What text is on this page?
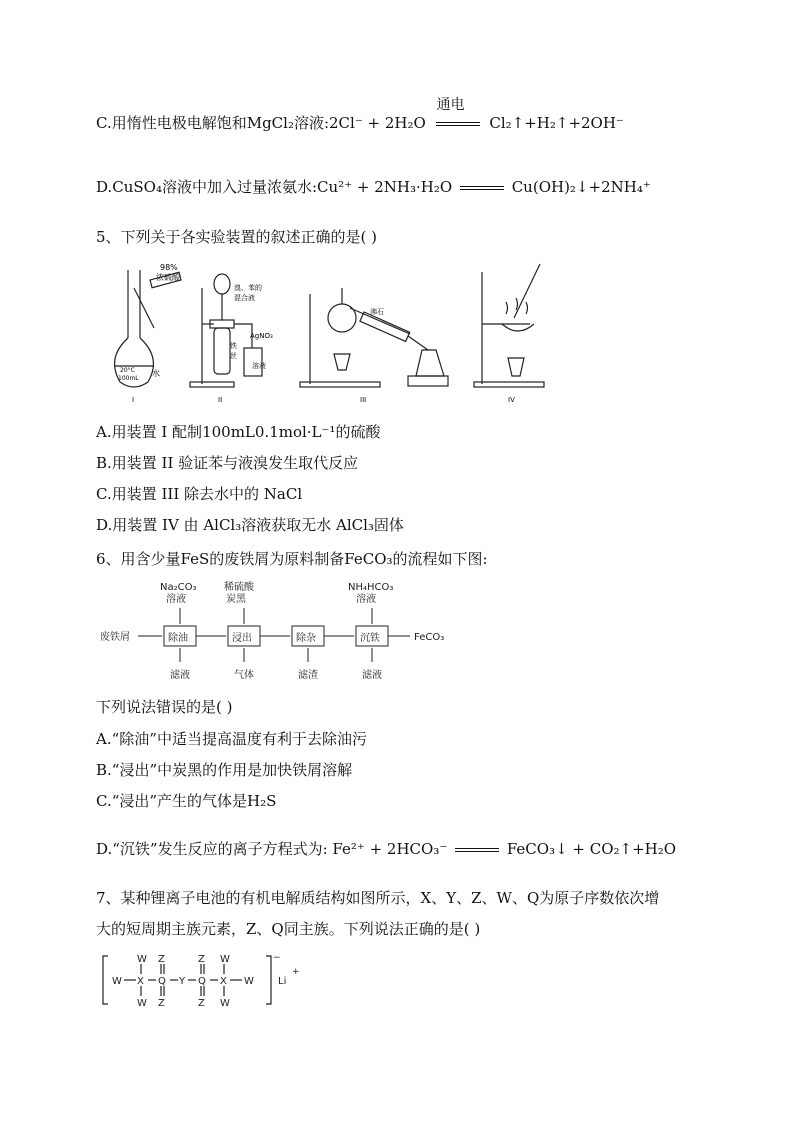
C.用惰性电极电解饱和MgCl₂溶液:2Cl⁻ + 2H₂O
通电
Cl₂↑+H₂↑+2OH⁻
D.CuSO₄溶液中加入过量浓氨水:Cu²⁺ + 2NH₃·H₂O	Cu(OH)₂↓+2NH₄⁺
5、下列关于各实验装置的叙述正确的是( )
98%
浓硫酸
水
20°C
100mL
I
溴、苯的
混合液
铁
丝
AgNO₃
溶液
II
沸石
III	IV
A.用装置 I 配制100mL0.1mol·L⁻¹的硫酸
B.用装置 II 验证苯与液溴发生取代反应
C.用装置 III 除去水中的 NaCl
D.用装置 IV 由 AlCl₃溶液获取无水 AlCl₃固体
6、用含少量FeS的废铁屑为原料制备FeCO₃的流程如下图:
废铁屑
Na₂CO₃
溶液
稀硫酸
炭黑
NH₄HCO₃
溶液
除油	浸出	除杂	沉铁	FeCO₃
滤液	气体	滤渣	滤液
下列说法错误的是( )
A.“除油”中适当提高温度有利于去除油污
B.“浸出”中炭黑的作用是加快铁屑溶解
C.“浸出”产生的气体是H₂S
D.“沉铁”发生反应的离子方程式为: Fe²⁺ + 2HCO₃⁻	FeCO₃↓ + CO₂↑+H₂O
7、某种锂离子电池的有机电解质结构如图所示，X、Y、Z、W、Q为原子序数依次增
大的短周期主族元素，Z、Q同主族。下列说法正确的是( )
W
W
X
W
Z
Q
Z
Y
Z
Q
Z
W
X
W
W
−
Li
+
